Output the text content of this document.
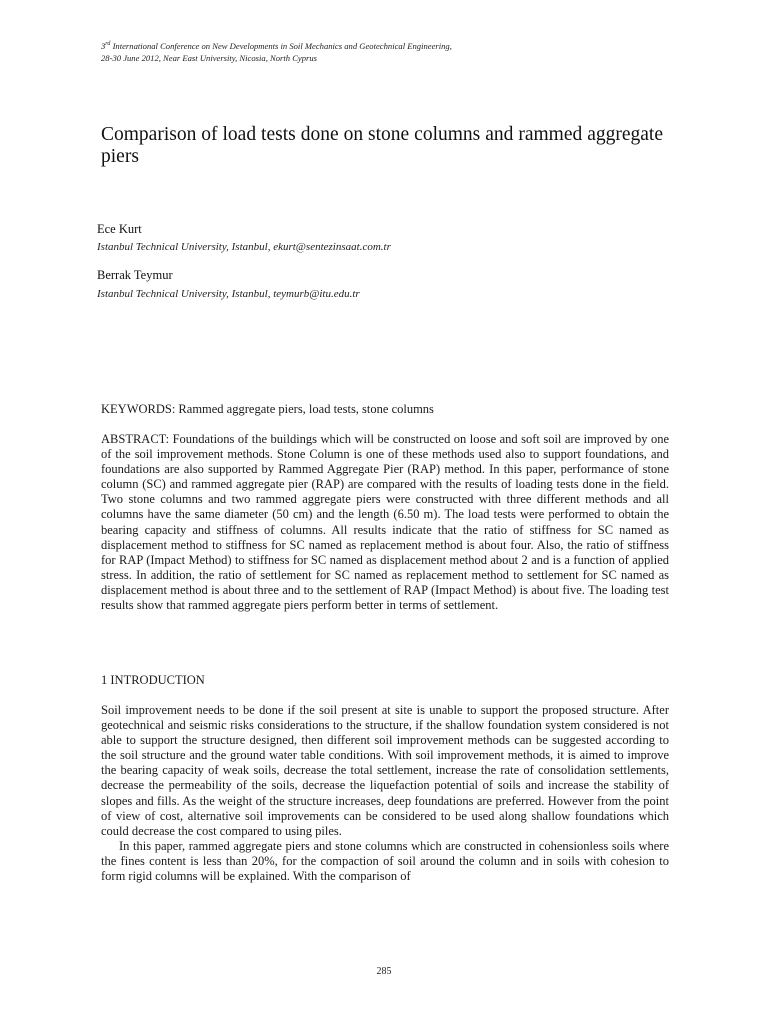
3rd International Conference on New Developments in Soil Mechanics and Geotechnical Engineering,
28-30 June 2012, Near East University, Nicosia, North Cyprus
Comparison of load tests done on stone columns and rammed aggregate piers
Ece Kurt
Istanbul Technical University, Istanbul, ekurt@sentezinsaat.com.tr
Berrak Teymur
Istanbul Technical University, Istanbul, teymurb@itu.edu.tr
KEYWORDS: Rammed aggregate piers, load tests, stone columns

ABSTRACT: Foundations of the buildings which will be constructed on loose and soft soil are improved by one of the soil improvement methods. Stone Column is one of these methods used also to support foundations, and foundations are also supported by Rammed Aggregate Pier (RAP) method. In this paper, performance of stone column (SC) and rammed aggregate pier (RAP) are compared with the results of loading tests done in the field. Two stone columns and two rammed aggregate piers were constructed with three different methods and all columns have the same diameter (50 cm) and the length (6.50 m). The load tests were performed to obtain the bearing capacity and stiffness of columns. All results indicate that the ratio of stiffness for SC named as displacement method to stiffness for SC named as replacement method is about four. Also, the ratio of stiffness for RAP (Impact Method) to stiffness for SC named as displacement method about 2 and is a function of applied stress. In addition, the ratio of settlement for SC named as replacement method to settlement for SC named as displacement method is about three and to the settlement of RAP (Impact Method) is about five. The loading test results show that rammed aggregate piers perform better in terms of settlement.

1 INTRODUCTION

Soil improvement needs to be done if the soil present at site is unable to support the proposed structure. After geotechnical and seismic risks considerations to the structure, if the shallow foundation system considered is not able to support the structure designed, then different soil improvement methods can be suggested according to the soil structure and the ground water table conditions. With soil improvement methods, it is aimed to improve the bearing capacity of weak soils, decrease the total settlement, increase the rate of consolidation settlements, decrease the permeability of the soils, decrease the liquefaction potential of soils and increase the stability of slopes and fills. As the weight of the structure increases, deep foundations are preferred. However from the point of view of cost, alternative soil improvements can be considered to be used along shallow foundations which could decrease the cost compared to using piles.

In this paper, rammed aggregate piers and stone columns which are constructed in cohensionless soils where the fines content is less than 20%, for the compaction of soil around the column and in soils with cohesion to form rigid columns will be explained. With the comparison of

285
